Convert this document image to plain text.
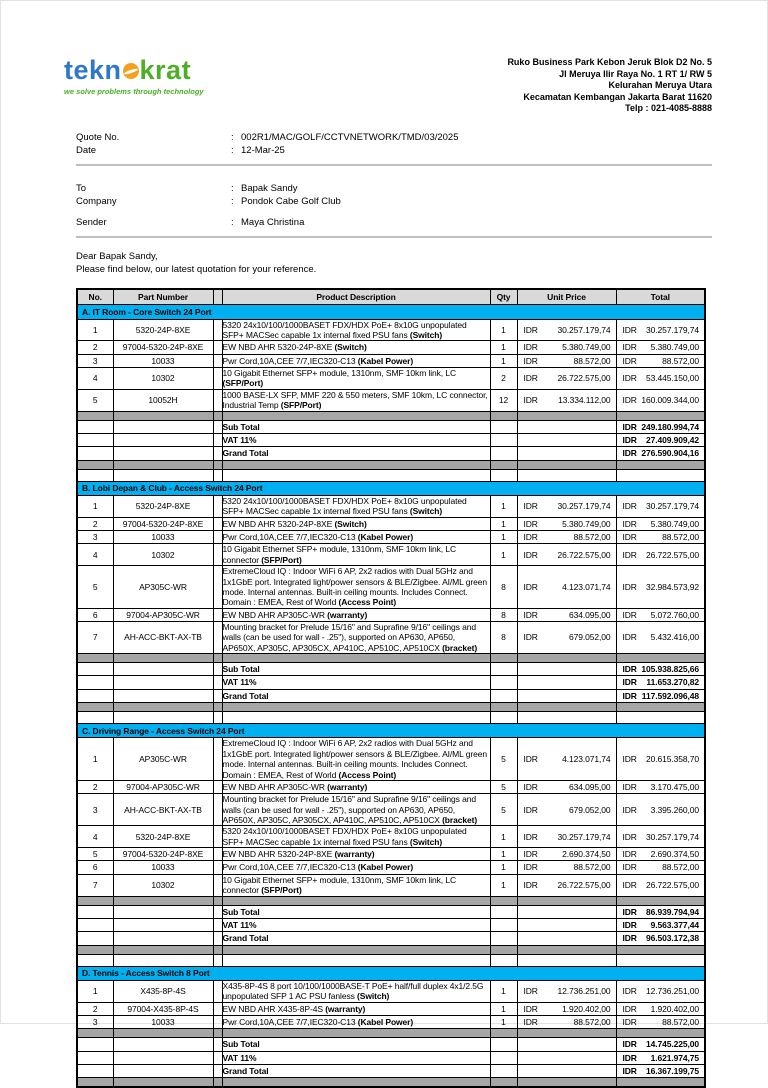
tekn krat
we solve problems through technology
Ruko Business Park Kebon Jeruk Blok D2 No. 5
Jl Meruya Ilir Raya No. 1 RT 1/ RW 5
Kelurahan Meruya Utara
Kecamatan Kembangan Jakarta Barat 11620
Telp : 021-4085-8888
Quote No.	: 002R1/MAC/GOLF/CCTVNETWORK/TMD/03/2025
Date	: 12-Mar-25
To	: Bapak Sandy
Company	: Pondok Cabe Golf Club
Sender	: Maya Christina
Dear Bapak Sandy,
Please find below, our latest quotation for your reference.
No.	Part Number		Product Description	Qty	Unit Price	Total
A. IT Room - Core Switch 24 Port						
1	5320-24P-8XE		5320 24x10/100/1000BASET FDX/HDX PoE+ 8x10G unpopulated SFP+ MACSec capable 1x internal fixed PSU fans (Switch)	1	IDR 30.257.179,74	IDR 30.257.179,74

2	97004-5320-24P-8XE		EW NBD AHR 5320-24P-8XE (Switch)	1	IDR 5.380.749,00	IDR 5.380.749,00

3	10033		Pwr Cord,10A,CEE 7/7,IEC320-C13 (Kabel Power)	1	IDR 88.572,00	IDR 88.572,00

4	10302		10 Gigabit Ethernet SFP+ module, 1310nm, SMF 10km link, LC (SFP/Port)	2	IDR 26.722.575,00	IDR 53.445.150,00

5	10052H		1000 BASE-LX SFP, MMF 220 & 550 meters, SMF 10km, LC connector, Industrial Temp (SFP/Port)	12	IDR 13.334.112,00	IDR 160.009.344,00

			Sub Total			IDR 249.180.994,74

			VAT 11%			IDR 27.409.909,42

			Grand Total			IDR 276.590.904,16

B. Lobi Depan & Club - Access Switch 24 Port						
1	5320-24P-8XE		5320 24x10/100/1000BASET FDX/HDX PoE+ 8x10G unpopulated SFP+ MACSec capable 1x internal fixed PSU fans (Switch)	1	IDR 30.257.179,74	IDR 30.257.179,74

2	97004-5320-24P-8XE		EW NBD AHR 5320-24P-8XE (Switch)	1	IDR 5.380.749,00	IDR 5.380.749,00

3	10033		Pwr Cord,10A,CEE 7/7,IEC320-C13 (Kabel Power)	1	IDR 88.572,00	IDR 88.572,00

4	10302		10 Gigabit Ethernet SFP+ module, 1310nm, SMF 10km link, LC connector (SFP/Port)	1	IDR 26.722.575,00	IDR 26.722.575,00

5	AP305C-WR		ExtremeCloud IQ : Indoor WiFi 6 AP, 2x2 radios with Dual 5GHz and 1x1GbE port. Integrated light/power sensors & BLE/Zigbee. AI/ML green mode. Internal antennas. Built-in ceiling mounts. Includes Connect. Domain : EMEA, Rest of World (Access Point)	8	IDR 4.123.071,74	IDR 32.984.573,92

6	97004-AP305C-WR		EW NBD AHR AP305C-WR (warranty)	8	IDR 634.095,00	IDR 5.072.760,00

7	AH-ACC-BKT-AX-TB		Mounting bracket for Prelude 15/16" and Suprafine 9/16" ceilings and walls (can be used for wall - .25"), supported on AP630, AP650, AP650X, AP305C, AP305CX, AP410C, AP510C, AP510CX (bracket)	8	IDR 679.052,00	IDR 5.432.416,00

			Sub Total			IDR 105.938.825,66

			VAT 11%			IDR 11.653.270,82

			Grand Total			IDR 117.592.096,48

C. Driving Range - Access Switch 24 Port						
1	AP305C-WR		ExtremeCloud IQ : Indoor WiFi 6 AP, 2x2 radios with Dual 5GHz and 1x1GbE port. Integrated light/power sensors & BLE/Zigbee. AI/ML green mode. Internal antennas. Built-in ceiling mounts. Includes Connect. Domain : EMEA, Rest of World (Access Point)	5	IDR 4.123.071,74	IDR 20.615.358,70

2	97004-AP305C-WR		EW NBD AHR AP305C-WR (warranty)	5	IDR 634.095,00	IDR 3.170.475,00

3	AH-ACC-BKT-AX-TB		Mounting bracket for Prelude 15/16" and Suprafine 9/16" ceilings and walls (can be used for wall - .25"), supported on AP630, AP650, AP650X, AP305C, AP305CX, AP410C, AP510C, AP510CX (bracket)	5	IDR 679.052,00	IDR 3.395.260,00

4	5320-24P-8XE		5320 24x10/100/1000BASET FDX/HDX PoE+ 8x10G unpopulated SFP+ MACSec capable 1x internal fixed PSU fans (Switch)	1	IDR 30.257.179,74	IDR 30.257.179,74

5	97004-5320-24P-8XE		EW NBD AHR 5320-24P-8XE (warranty)	1	IDR 2.690.374,50	IDR 2.690.374,50

6	10033		Pwr Cord,10A,CEE 7/7,IEC320-C13 (Kabel Power)	1	IDR 88.572,00	IDR 88.572,00

7	10302		10 Gigabit Ethernet SFP+ module, 1310nm, SMF 10km link, LC connector (SFP/Port)	1	IDR 26.722.575,00	IDR 26.722.575,00

			Sub Total			IDR 86.939.794,94

			VAT 11%			IDR 9.563.377,44

			Grand Total			IDR 96.503.172,38

D. Tennis - Access Switch 8 Port						
1	X435-8P-4S		X435-8P-4S 8 port 10/100/1000BASE-T PoE+ half/full duplex 4x1/2.5G unpopulated SFP 1 AC PSU fanless (Switch)	1	IDR 12.736.251,00	IDR 12.736.251,00

2	97004-X435-8P-4S		EW NBD AHR X435-8P-4S (warranty)	1	IDR 1.920.402,00	IDR 1.920.402,00

3	10033		Pwr Cord,10A,CEE 7/7,IEC320-C13 (Kabel Power)	1	IDR 88.572,00	IDR 88.572,00

			Sub Total			IDR 14.745.225,00

			VAT 11%			IDR 1.621.974,75

			Grand Total			IDR 16.367.199,75
